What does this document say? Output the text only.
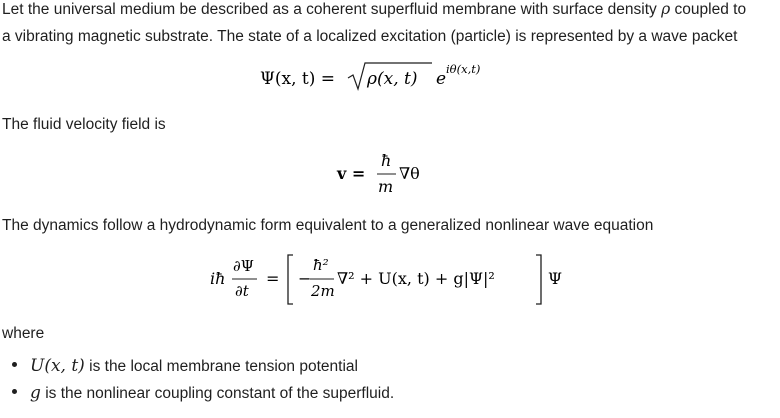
Let the universal medium be described as a coherent superfluid membrane with surface density ρ coupled to
a vibrating magnetic substrate. The state of a localized excitation (particle) is represented by a wave packet
Ψ(x, t) = ρ(x, t) e iθ(x,t)
The fluid velocity field is
v =
ħ
m
∇θ
The dynamics follow a hydrodynamic form equivalent to a generalized nonlinear wave equation
iħ
∂Ψ
∂t
= −
ħ²
2m
∇² + U(x, t) + g|Ψ|²	Ψ
where
U(x, t) is the local membrane tension potential
g is the nonlinear coupling constant of the superfluid.
